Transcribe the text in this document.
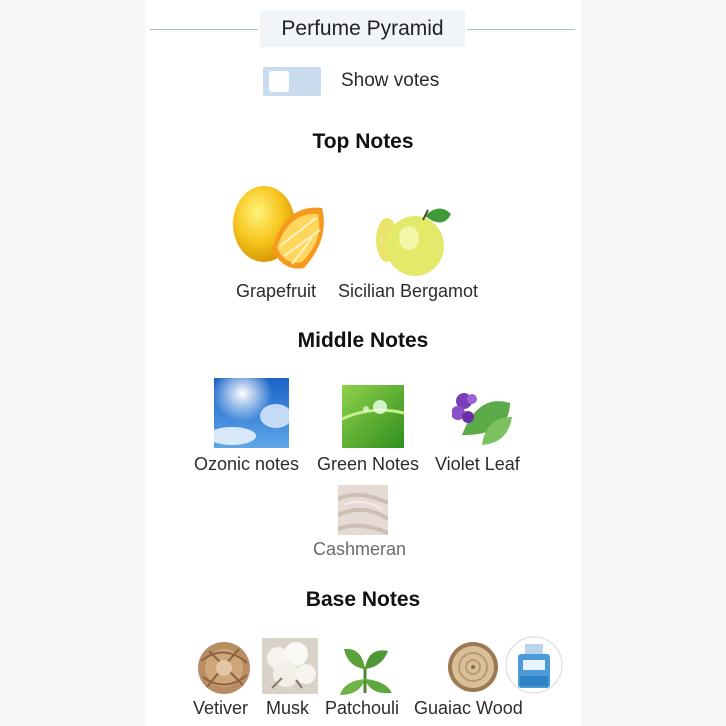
Perfume Pyramid
Show votes
Top Notes
Grapefruit Sicilian Bergamot
Middle Notes
Ozonic notes Green Notes Violet Leaf
Cashmeran
Base Notes
Vetiver Musk Patchouli Guaiac Wood
